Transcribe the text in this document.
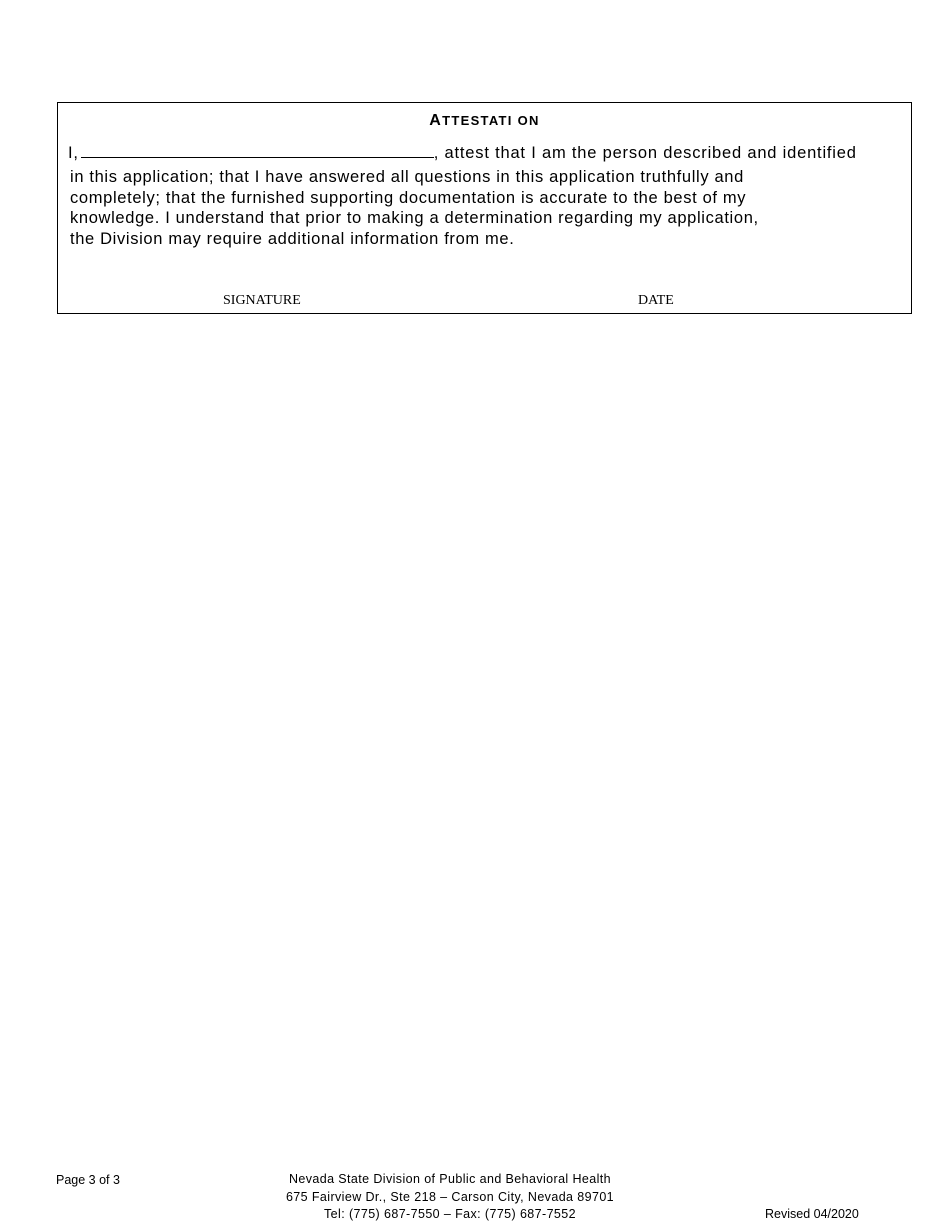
ATTESTATI ON
I,	, attest that I am the person described and identified
in this application; that I have answered all questions in this application truthfully and
completely; that the furnished supporting documentation is accurate to the best of my
knowledge. I understand that prior to making a determination regarding my application,
the Division may require additional information from me.
SIGNATURE	DATE
Page 3 of 3	Nevada State Division of Public and Behavioral Health
675 Fairview Dr., Ste 218 – Carson City, Nevada 89701
Tel: (775) 687-7550 – Fax: (775) 687-7552	Revised 04/2020
